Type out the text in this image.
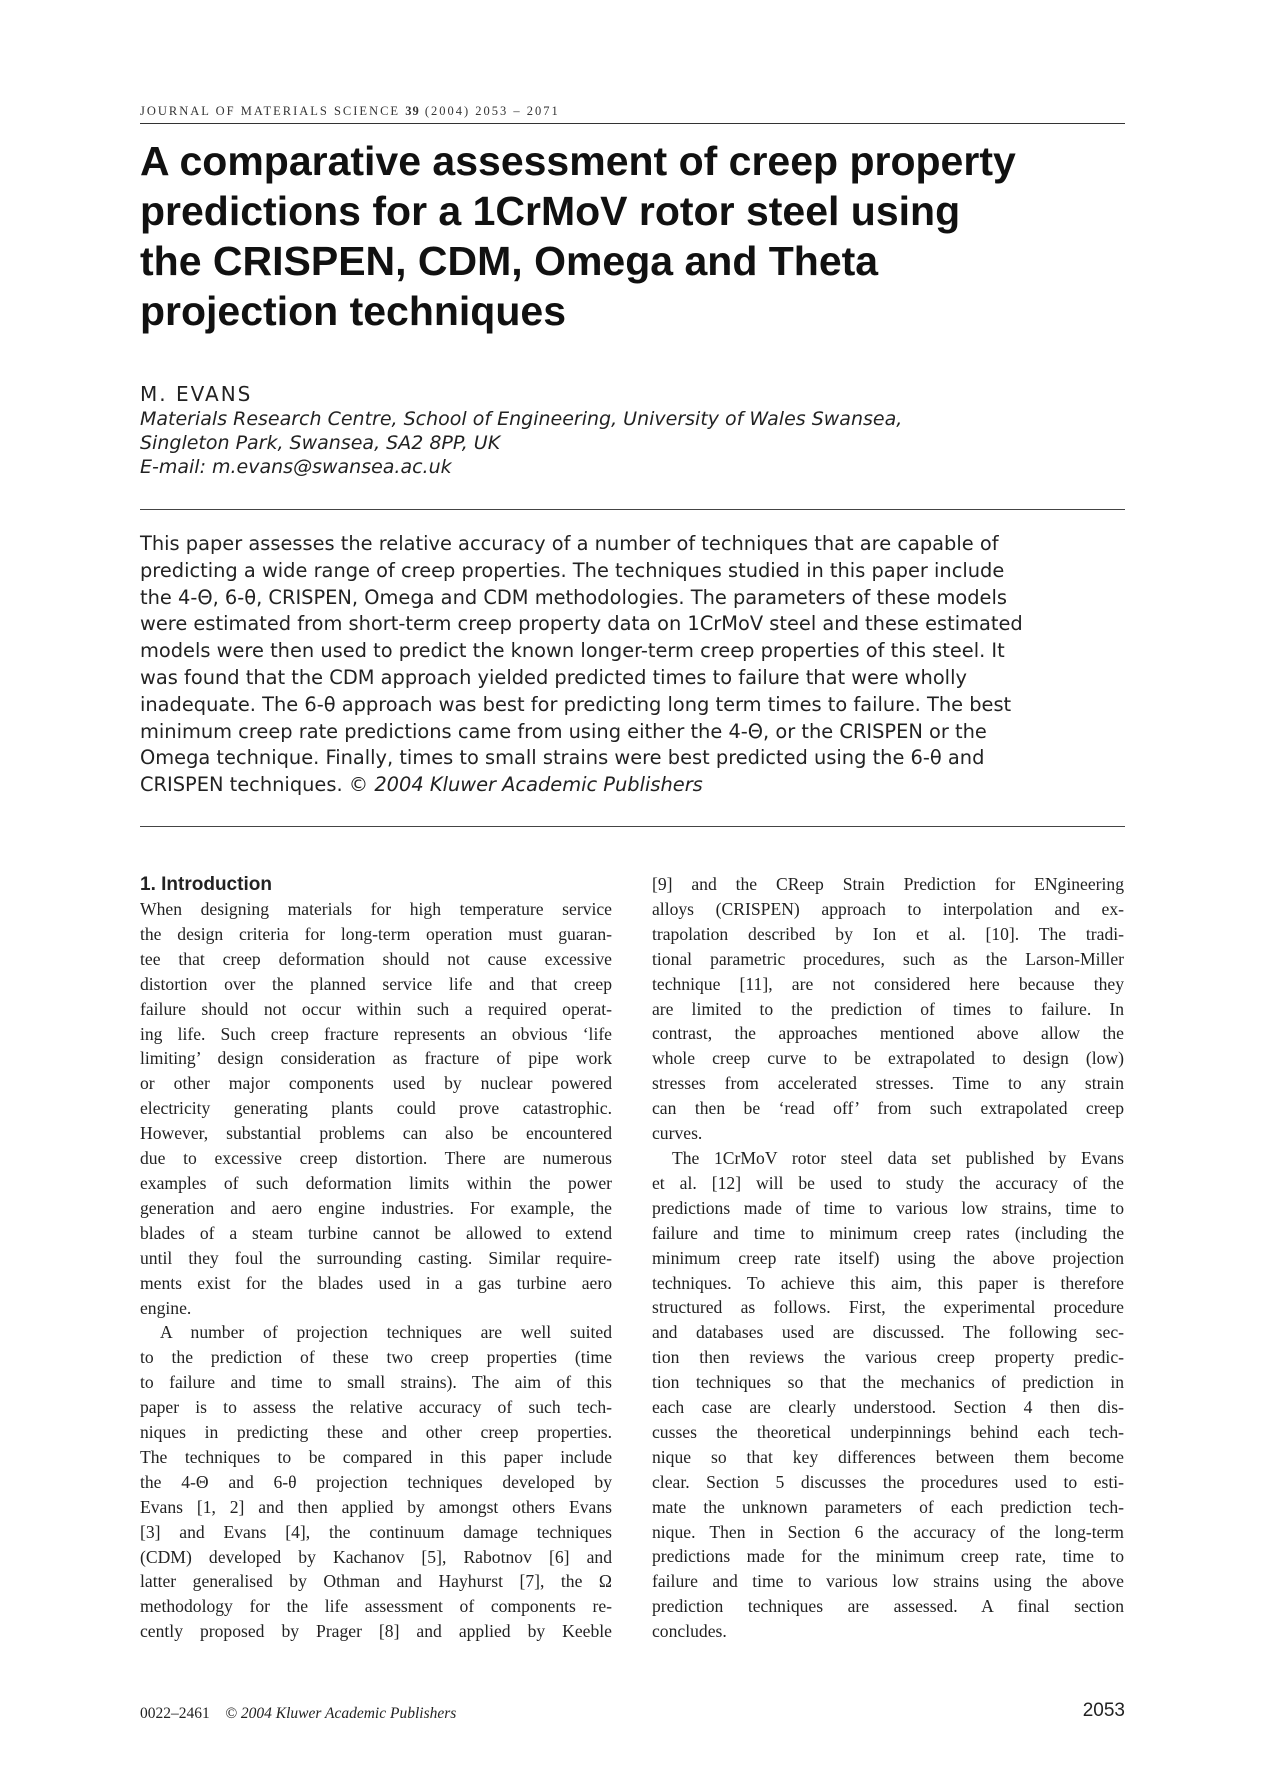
JOURNAL OF MATERIALS SCIENCE 39 (2004) 2053 – 2071
A comparative assessment of creep property
predictions for a 1CrMoV rotor steel using
the CRISPEN, CDM, Omega and Theta
projection techniques
M. EVANS
Materials Research Centre, School of Engineering, University of Wales Swansea,
Singleton Park, Swansea, SA2 8PP, UK
E-mail: m.evans@swansea.ac.uk
This paper assesses the relative accuracy of a number of techniques that are capable of
predicting a wide range of creep properties. The techniques studied in this paper include
the 4-Θ, 6-θ, CRISPEN, Omega and CDM methodologies. The parameters of these models
were estimated from short-term creep property data on 1CrMoV steel and these estimated
models were then used to predict the known longer-term creep properties of this steel. It
was found that the CDM approach yielded predicted times to failure that were wholly
inadequate. The 6-θ approach was best for predicting long term times to failure. The best
minimum creep rate predictions came from using either the 4-Θ, or the CRISPEN or the
Omega technique. Finally, times to small strains were best predicted using the 6-θ and
CRISPEN techniques. © 2004 Kluwer Academic Publishers
1. Introduction
When designing materials for high temperature service
the design criteria for long-term operation must guaran-
tee that creep deformation should not cause excessive
distortion over the planned service life and that creep
failure should not occur within such a required operat-
ing life. Such creep fracture represents an obvious ‘life
limiting’ design consideration as fracture of pipe work
or other major components used by nuclear powered
electricity generating plants could prove catastrophic.
However, substantial problems can also be encountered
due to excessive creep distortion. There are numerous
examples of such deformation limits within the power
generation and aero engine industries. For example, the
blades of a steam turbine cannot be allowed to extend
until they foul the surrounding casting. Similar require-
ments exist for the blades used in a gas turbine aero
engine.
A number of projection techniques are well suited
to the prediction of these two creep properties (time
to failure and time to small strains). The aim of this
paper is to assess the relative accuracy of such tech-
niques in predicting these and other creep properties.
The techniques to be compared in this paper include
the 4-Θ and 6-θ projection techniques developed by
Evans [1, 2] and then applied by amongst others Evans
[3] and Evans [4], the continuum damage techniques
(CDM) developed by Kachanov [5], Rabotnov [6] and
latter generalised by Othman and Hayhurst [7], the Ω
methodology for the life assessment of components re-
cently proposed by Prager [8] and applied by Keeble
[9] and the CReep Strain Prediction for ENgineering
alloys (CRISPEN) approach to interpolation and ex-
trapolation described by Ion et al. [10]. The tradi-
tional parametric procedures, such as the Larson-Miller
technique [11], are not considered here because they
are limited to the prediction of times to failure. In
contrast, the approaches mentioned above allow the
whole creep curve to be extrapolated to design (low)
stresses from accelerated stresses. Time to any strain
can then be ‘read off’ from such extrapolated creep
curves.
The 1CrMoV rotor steel data set published by Evans
et al. [12] will be used to study the accuracy of the
predictions made of time to various low strains, time to
failure and time to minimum creep rates (including the
minimum creep rate itself) using the above projection
techniques. To achieve this aim, this paper is therefore
structured as follows. First, the experimental procedure
and databases used are discussed. The following sec-
tion then reviews the various creep property predic-
tion techniques so that the mechanics of prediction in
each case are clearly understood. Section 4 then dis-
cusses the theoretical underpinnings behind each tech-
nique so that key differences between them become
clear. Section 5 discusses the procedures used to esti-
mate the unknown parameters of each prediction tech-
nique. Then in Section 6 the accuracy of the long-term
predictions made for the minimum creep rate, time to
failure and time to various low strains using the above
prediction techniques are assessed. A final section
concludes.
0022–2461 © 2004 Kluwer Academic Publishers	2053
